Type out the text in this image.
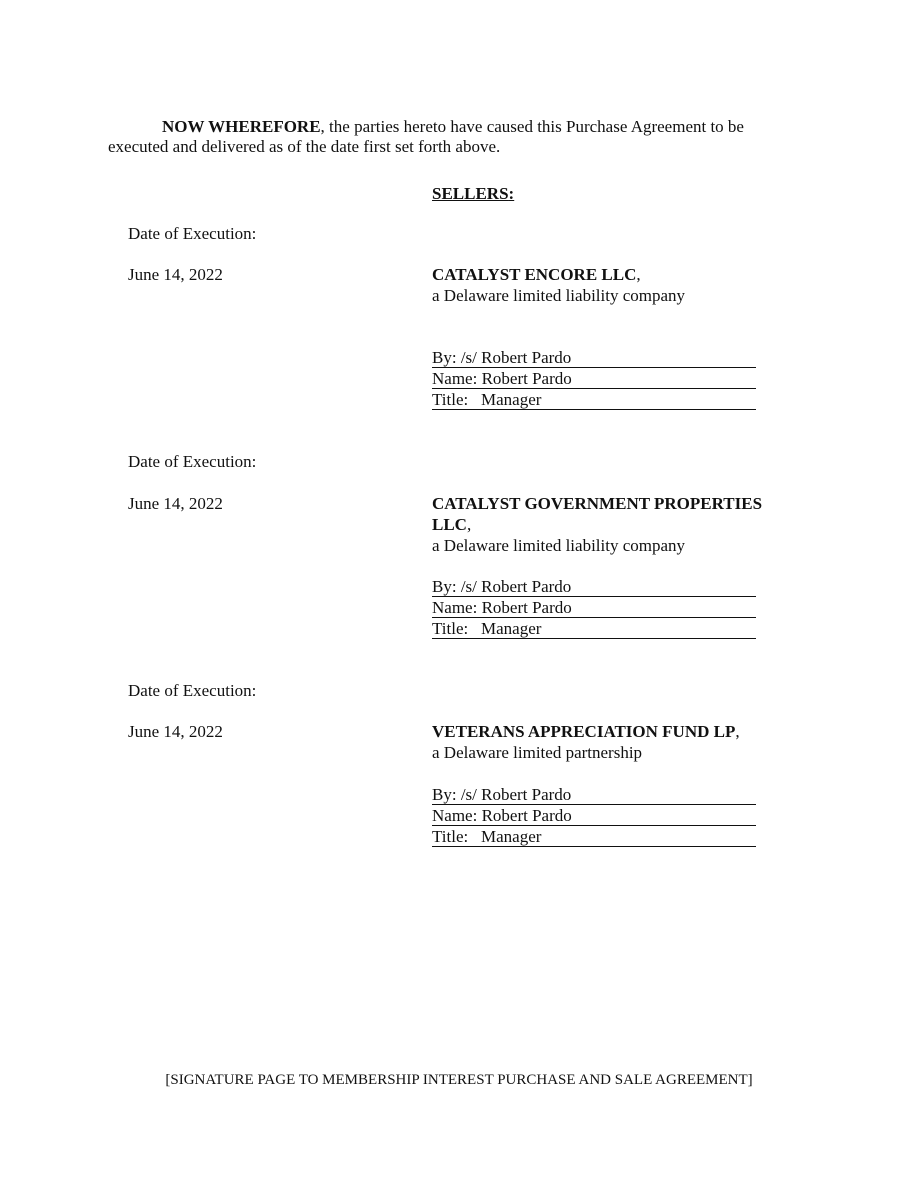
NOW WHEREFORE, the parties hereto have caused this Purchase Agreement to be
executed and delivered as of the date first set forth above.
SELLERS:
Date of Execution:
June 14, 2022	CATALYST ENCORE LLC,
a Delaware limited liability company
By: /s/ Robert Pardo
Name: Robert Pardo
Title:   Manager
Date of Execution:
June 14, 2022	CATALYST GOVERNMENT PROPERTIES
LLC,
a Delaware limited liability company
By: /s/ Robert Pardo
Name: Robert Pardo
Title:   Manager
Date of Execution:
June 14, 2022	VETERANS APPRECIATION FUND LP,
a Delaware limited partnership
By: /s/ Robert Pardo
Name: Robert Pardo
Title:   Manager
[SIGNATURE PAGE TO MEMBERSHIP INTEREST PURCHASE AND SALE AGREEMENT]
